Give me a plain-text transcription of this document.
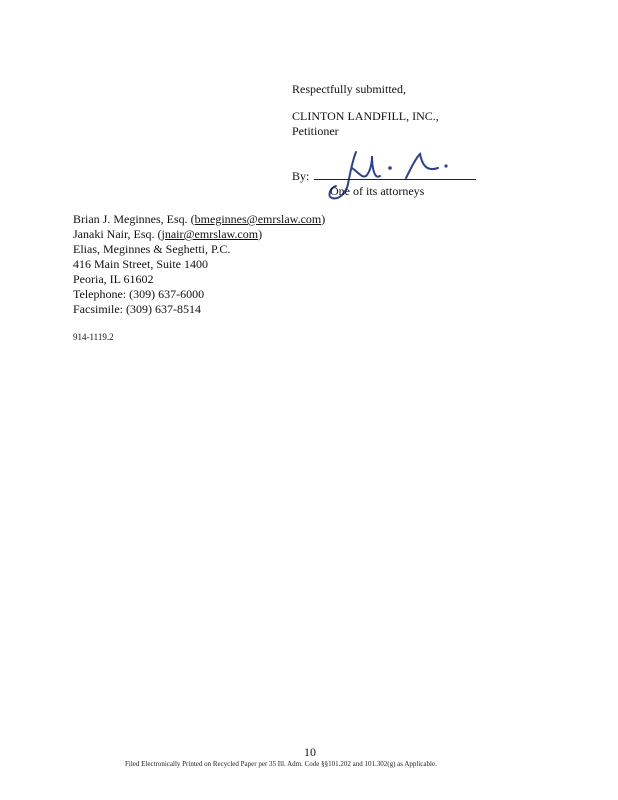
Respectfully submitted,
CLINTON LANDFILL, INC.,
Petitioner
By:
One of its attorneys
Brian J. Meginnes, Esq. (bmeginnes@emrslaw.com)
Janaki Nair, Esq. (jnair@emrslaw.com)
Elias, Meginnes & Seghetti, P.C.
416 Main Street, Suite 1400
Peoria, IL 61602
Telephone: (309) 637-6000
Facsimile: (309) 637-8514
914-1119.2
10
Filed Electronically Printed on Recycled Paper per 35 Ill. Adm. Code §§101.202 and 101.302(g) as Applicable.
